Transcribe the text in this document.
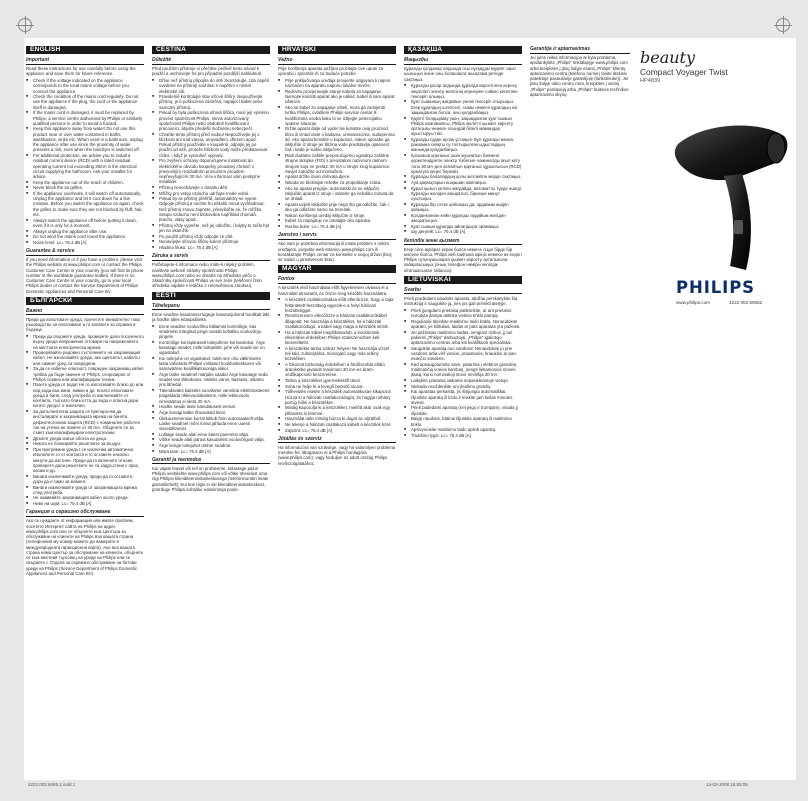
ENGLISH
Important

Read these instructions for use carefully before using the appliance and save them for future reference.

■ Check if the voltage indicated on the appliance corresponds to the local mains voltage before you connect the appliance.
■ Check the condition of the mains cord regularly. Do not use the appliance if the plug, the cord or the appliance itself is damaged.
■ If the mains cord is damaged, it must be replaced by Philips, a service centre authorised by Philips or similarly qualified persons in order to avoid a hazard.
■ Keep this appliance away from water! Do not use this product near or over water contained in baths, washbasins, sinks etc. When used in a bathroom, unplug the appliance after use since the proximity of water presents a risk, even when the hairdryer is switched off.
■ For additional protection, we advise you to install a residual current device (RCD) with a rated residual operating current not exceeding 30mA in the electrical circuit supplying the bathroom. Ask your installer for advice.
■ Keep the appliance out of the reach of children.
■ Never block the air grilles.
■ If the appliance overheats, it will switch off automatically. Unplug the appliance and let it cool down for a few minutes. Before you switch the appliance on again, check the grilles to make sure they are not blocked by fluff, hair, etc.
■ Always switch the appliance off before putting it down, even if it is only for a moment.
■ Always unplug the appliance after use.
■ Do not wind the mains cord round the appliance.
■ Noise level: Lc= 75.4 dB [A]
Guarantee & service

If you need information or if you have a problem, please visit the Philips website at www.philips.com or contact the Philips Customer Care Centre in your country (you will find its phone number in the worldwide guarantee leaflet). If there is no Customer Care Centre in your country, go to your local Philips dealer or contact the Service Department of Philips Domestic Appliances and Personal Care BV.

БЪЛГАРСКИ
Важно

Преди да използвате уреда, прочетете внимателно това ръководство за използване и го запазете за справка в бъдеще.

■ Преди да свържете уреда, проверете дали посоченото върху уреда напрежение отговаря на напрежението на местната електрическа мрежа.
■ Проверявайте редовно състоянието на захранващия кабел. Не използвайте уреда, ако щепселът, кабелът или самият уред са повредени.
■ За да се избегне опасност, повреден захранващ кабел трябва да бъде сменен от Philips, оторизиран от Philips сервиз или квалифициран техник.
■ Пазете уреда от вода! Не го използвайте близо до или над вода във вани, мивки и др. Когато използвате уреда в баня, след употреба го изключвайте от контакта, тъй като близостта до вода е опасна дори когато уредът е изключен.
■ За допълнителна защита се препоръчва да инсталирате в захранващата мрежа на банята дефектнотокова защита (RCD) с номинален работен ток на утечка не повече от 30 mA. Обърнете се за съвет към квалифициран електротехник.
■ Дръжте уреда извън обсега на деца.
■ Никога не блокирайте решетките за въздух.
■ При прегряване уредът се изключва автоматично. Изключете го от контакта и го оставете няколко минути да изстине. Преди да го включите отново, проверете дали решетките не са задръстени с прах, косми и др.
■ Винаги изключвайте уреда, преди да го оставите, дори да е само за момент.
■ Винаги изключвайте уреда от захранващата мрежа след употреба.
■ Не навивайте захранващия кабел около уреда.
■ Ниво на шум: Lc= 75.4 dB [A]
Гаранция и сервизно обслужване

Ако се нуждаете от информация или имате проблем, посетете Интернет сайта на Philips на адрес www.philips.com или се обърнете към Центъра за обслужване на клиенти на Philips във вашата страна (телефонния му номер можете да намерите в международната гаранционна карта). Ако във вашата страна няма Център за обслужване на клиенти, обърнете се към местния търговец на уреди на Philips или се свържете с Отдела за сервизно обслужване на битови уреди на Philips (Service Department of Philips Domestic Appliances and Personal Care BV).

ČEŠTINA
Důležité

Před použitím přístroje si přečtěte pečlivě tento návod k použití a uschovejte ho pro případné pozdější nahlédnutí.

■ Dříve než přístroj připojíte do sítě zkontrolujte, zda napětí uvedené na přístroji souhlasí s napětím v místní elektrické síti.
■ Pravidelně kontrolujte stav síťové šňůry. Nepoužívejte přístroj, je-li poškozena zástrčka, napájecí kabel nebo samotný přístroj.
■ Pokud by byla poškozena síťová šňůra, musí její výměnu provést společnost Philips, servis autorizovaný společností Philips nebo obdobně kvalifikovaní pracovníci, abyste předešli možnému nebezpečí.
■ Chraňte tento přístroj před vodou! Nepoužívejte jej v blízkosti ani nad vanou, umyvadlem, dřezem apod. Pokud přístroj používáte v koupelně, odpojte jej po použití od sítě, protože blízkost vody může představovat riziko, i když je vysoušeč vypnutý.
■ Pro zvýšení ochrany doporučujeme instalovat do elektrického obvodu koupelny proudový chránič s jmenovitým reziduálním provozním proudem nepřevyšujícím 30 mA. Více informací vám poskytne instalatér.
■ Přístroj nenechávejte v dosahu dětí.
■ Mřížky pro vstup vzduchu udržujte trvale volné.
■ Pokud by se přístroj přehřál, automaticky se vypne. Odpojte přístroj a nechte ho několik minut vychladnout. Než přístroj znovu zapnete, přesvědčte se, že mřížka vstupu vzduchu není blokována například chomáči prachu, vlasy apod.
■ Přístroj vždy vypněte, než jej odložíte, i kdyby to mělo být jen na okamžik.
■ Po použití přístroj vždy odpojte ze sítě.
■ Nenavíjejte síťovou šňůru kolem přístroje.
■ Hladina hluku: Lc= 75.4 dB [A]
Záruka a servis

Potřebujete-li informace nebo máte-li nějaký problém, navštivte webové stránky společnosti Philips www.philips.com nebo se obraťte na Středisko péče o zákazníky společnosti Philips ve své zemi (telefonní číslo střediska najdete v letáčku s celosvětovou zárukou).

EESTI
Tähelepanu

Enne seadme kasutamist lugege kasutusjuhend hoolikalt läbi ja hoidke alles edaspidiseks.

■ Enne seadme vooluvõrku lülitamist kontrollige, kas seadmele märgitud pinge vastab kohaliku vooluvõrgu pingele.
■ Kontrollige korrapäraselt toitejuhtme korrasolekut. Ärge kasutage seadet, mille toitepistik, juhe või seade ise on vigastatud.
■ Kui toitejuhe on vigastatud, tuleb see ohu vältimiseks lasta vahetada Philipsi volitatud hoolduskeskuses või samaväärse kvalifikatsiooniga isikul.
■ Ärge laske seadmel märjaks saada! Ärge kasutage seda seadet vee läheduses, näiteks vanni, basseini, valamu jms lähedal.
■ Täiendavaks kaitseks soovitame vannitoa elektrisüsteemi paigaldada rikkevoolukaitsme, mille lekkevoolu nimiväärtus ei ületa 30 mA.
■ Hoidke seade laste käeulatusest eemal.
■ Ärge kunagi katke õhuavasid kinni.
■ Ülekuumenemise korral lülitub föön automaatselt välja. Laske seadmel mõni minut jahtuda enne uuesti sisselülitamist.
■ Lülitage seade alati enne käest panemist välja.
■ Võtke seade alati pärast kasutamist vooluvõrgust välja.
■ Ärge kerige toitejuhet ümber seadme.
■ Müra tase: Lc= 75.4 dB [A]
Garantii ja teenindus

Kui vajate teavet või teil on probleeme, külastage palun Philipsi veebilehte www.philips.com või võtke ühendust oma riigi Philipsi klienditeeninduskeskusega (telefoninumbri leiate garantiilehelt). Kui teie riigis ei ole klienditeeninduskeskust, pöörduge Philipsi kohaliku edasimüüja poole.

HRVATSKI
Važno

Prije korištenja aparata pažljivo pročitajte ove upute za uporabu i spremite ih za buduće potrebe.

■ Prije priključivanja uređaja provjerite odgovara li napon naznačen na aparatu naponu lokalne mreže.
■ Redovito provjeravajte stanje kabela za napajanje. Nemojte koristiti aparat ako je utikač, kabel ili sam aparat oštećen.
■ Ako se kabel za napajanje ošteti, mora ga zamijeniti tvrtka Philips, ovlašteni Philips servisni centar ili kvalificirana osoba kako bi se izbjegle potencijalno opasne situacije.
■ Držite aparat dalje od vode! Ne koristite ovaj proizvod blizu ili iznad vode u kadama, umivaonicima, sudoperima itd. Ako aparat koristite u kupaonici, nakon uporabe ga isključite iz struje jer blizina vode predstavlja opasnost čak i kada je sušilo isključeno.
■ Radi dodatne zaštite preporučujemo ugradnju zaštitne strujne sklopke (FID) s preostalom nazivnom radnom strujom koja ne prelazi 30 mA u strujni krug kupaonice. Savjet zatražite od montažera.
■ Aparat držite izvan dohvata djece.
■ Nikada ne blokirajte rešetke za propuštanje zraka.
■ Ako se aparat pregrije, automatski će se isključiti. Isključite aparat iz struje i ostavite ga nekoliko minuta da se ohladi.
■ Aparat uvijek isključite prije nego što ga odložite, čak i ako ga odlažete samo na trenutak.
■ Nakon korištenja uređaj isključite iz struje.
■ Kabel za napajanje ne omatajte oko aparata.
■ Razina buke: Lc= 75.4 dB [A]
Jamstvo i servis

Ako vam je potrebna informacija ili imate problem s nekim uređajem, posjetite web-stranicu www.philips.com ili kontaktirajte Philips centar za korisnike u svojoj državi (broj se nalazi u jamstvenom listu).

MAGYAR
Fontos

A készülék első használata előtt figyelmesen olvassa el a használati útmutatót, és őrizze meg későbbi használatra.

■ A készülék csatlakoztatása előtt ellenőrizze, hogy a rajta feltüntetett feszültség egyezik-e a helyi hálózati feszültséggel.
■ Rendszeresen ellenőrizze a hálózati csatlakozókábel állapotát. Ne használja a készüléket, ha a hálózati csatlakozódugó, a kábel vagy maga a készülék sérült.
■ Ha a hálózati kábel meghibásodott, a kockázatok elkerülése érdekében Philips szakszervizben kell kicseréltetni.
■ A készüléket tartsa száraz helyen! Ne használja vízzel teli kád, zuhanytálca, mosogató vagy más edény közelében.
■ A fokozott biztonság érdekében a fürdőszobát ellátó áramkörbe javasolt maximum 30 mA-es áram-védőkapcsoló beszerelése.
■ Tartsa a készüléket gyermekektől távol.
■ Soha ne fedje le a levegő beömlő rácsot.
■ Túlhevülés esetén a készülék automatikusan kikapcsol. Húzza ki a hálózati csatlakozódugót, és hagyja néhány percig hűlni a készüléket.
■ Mindig kapcsolja ki a készüléket, mielőtt akár csak egy pillanatra is letenné.
■ Használat után mindig húzza ki dugót az aljzatból.
■ Ne tekerje a hálózati csatlakozó kábelt a készülék köré.
■ Zajszint: Lc= 75.4 dB [A]
Jótállás és szerviz

Ha információra van szüksége, vagy ha valamilyen probléma merülne fel, látogasson el a Philips honlapjára (www.philips.com), vagy forduljon az adott ország Philips vevőszolgálatához.

ҚАЗАҚША
Маңызды

Құралды қолданар алдында осы нұсқауды мұқият оқып шығыңыз және оны болашақта анықтама ретінде сақтаңыз.

■ Құралды қосар алдында құралда көрсетілген кернеу жергілікті электр желісінің кернеуіне сәйкес келетінін тексеріп алыңыз.
■ Қуат сымының жағдайын үнемі тексеріп отырыңыз. Егер құралдың штепселі, сымы немесе құралдың өзі зақымданған болса, оны қолданбаңыз.
■ Қауіпті болдырмау үшін, зақымданған қуат сымын Philips компаниясы, Philips өкілетті қызмет көрсету орталығы немесе осындай білікті мамандар ауыстыруы тиіс.
■ Құралды судан аулақ ұстаңыз! Бұл құралды ванна, раковина сияқты су толтырылған ыдыстардың жанында қолданбаңыз.
■ Қосымша қорғаныс үшін жуынатын бөлмені қоректендіретін электр тізбегіне номиналды ағып кету тогы 30 мА-ден аспайтын қорғаныс құрылғысын (RCD) орнатуға кеңес береміз.
■ Құралды балалардың қолы жетпейтін жерде сақтаңыз.
■ Ауа қақпақтарын ешқашан жаппаңыз.
■ Құрал қызып кеткен жағдайда, автоматты түрде өшеді. Құралды желіден ажыратып, бірнеше минут суытыңыз.
■ Құралды бір сәтке қойсаңыз да, әрдайым өшіріп қойыңыз.
■ Қолданғаннан кейін құралды әрдайым желіден ажыратыңыз.
■ Қуат сымын құралды айналдыра орамаңыз.
■ Шу деңгейі: Lc= 75.4 dB [A]
Кепілдік және қызмет

Егер сізге ақпарат керек болса немесе сізде бірде бір мәселе болса, Philips веб-сайтына кіріңіз немесе өз елдегі Philips тұтынушыларға қызмет көрсету орталығына хабарласыңыз (оның телефон нөмірін кепілдік кітапшасынан табасыз).

LIETUVIŠKAI
Svarbu

Prieš pradėdami naudotis aparatu, atidžiai perskaitykite šią instrukciją ir saugokite ją, nes jos gali prireikti ateityje.

■ Prieš įjungdami prietaisą patikrinkite, ar ant prietaiso nurodyta įtampa atitinka vietinio tinklo įtampą.
■ Reguliariai tikrinkite maitinimo laido būklę. Nenaudokite aparato, jei kištukas, laidas ar pats aparatas yra pažeisti.
■ Jei pažeistas maitinimo laidas, vengiant rizikos, jį turi pakeisti „Philips“ darbuotojai, „Philips“ įgaliotojo aptarnavimo centras arba kiti kvalifikuoti specialistai.
■ Saugokite aparatą nuo vandens! Nenaudokite jo prie vandens arba virš vonios, praustuvės, kriauklės ar pan. esančio vandens.
■ Kad apsaugotumėte save, patartina į elektros grandinę, maitinančią vonios kambarį, įrengti liekamosios srovės įtaisą, kurio nominalioji srovė neviršija 30 mA.
■ Laikykite prietaisą vaikams nepasiekiamoje vietoje.
■ Niekada neuždenkite oro įleidimo grotelių.
■ Kai aparatas perkaista, jis išsijungia automatiškai. Išjunkite aparatą iš lizdo ir leiskite jam kelias minutes atvėsti.
■ Prieš padėdami aparatą (net jeigu ir trumpam), visada jį išjunkite.
■ Baigę naudotis, būtinai išjunkite aparatą iš maitinimo tinklo.
■ Apsivyniokite maitinimo laido aplink aparatą.
■ Triukšmo lygis: Lc= 75.4 dB [A]
Garantija ir aptarnavimas

Jei jums reikia informacijos ar kyla problema, apsilankykite „Philips“ tinklalapyje www.philips.com arba kreipkitės į jūsų šalyje esantį „Philips“ klientų aptarnavimo centrą (telefono numerį rasite atskirai pateiktoje pasaulinėje garantijoje (lankstinuke)). Jei jūsų šalyje tokio centro nėra, kreipkitės į vietinį „Philips“ pardavėją arba „Philips“ buitinės technikos aptarnavimo skyrių.

beauty
Compact Voyager Twist
HP4839
PHILIPS
www.philips.com	4222 002 60652
4222.002.6065.2.indd 1	14-03-2008 15:55:05
